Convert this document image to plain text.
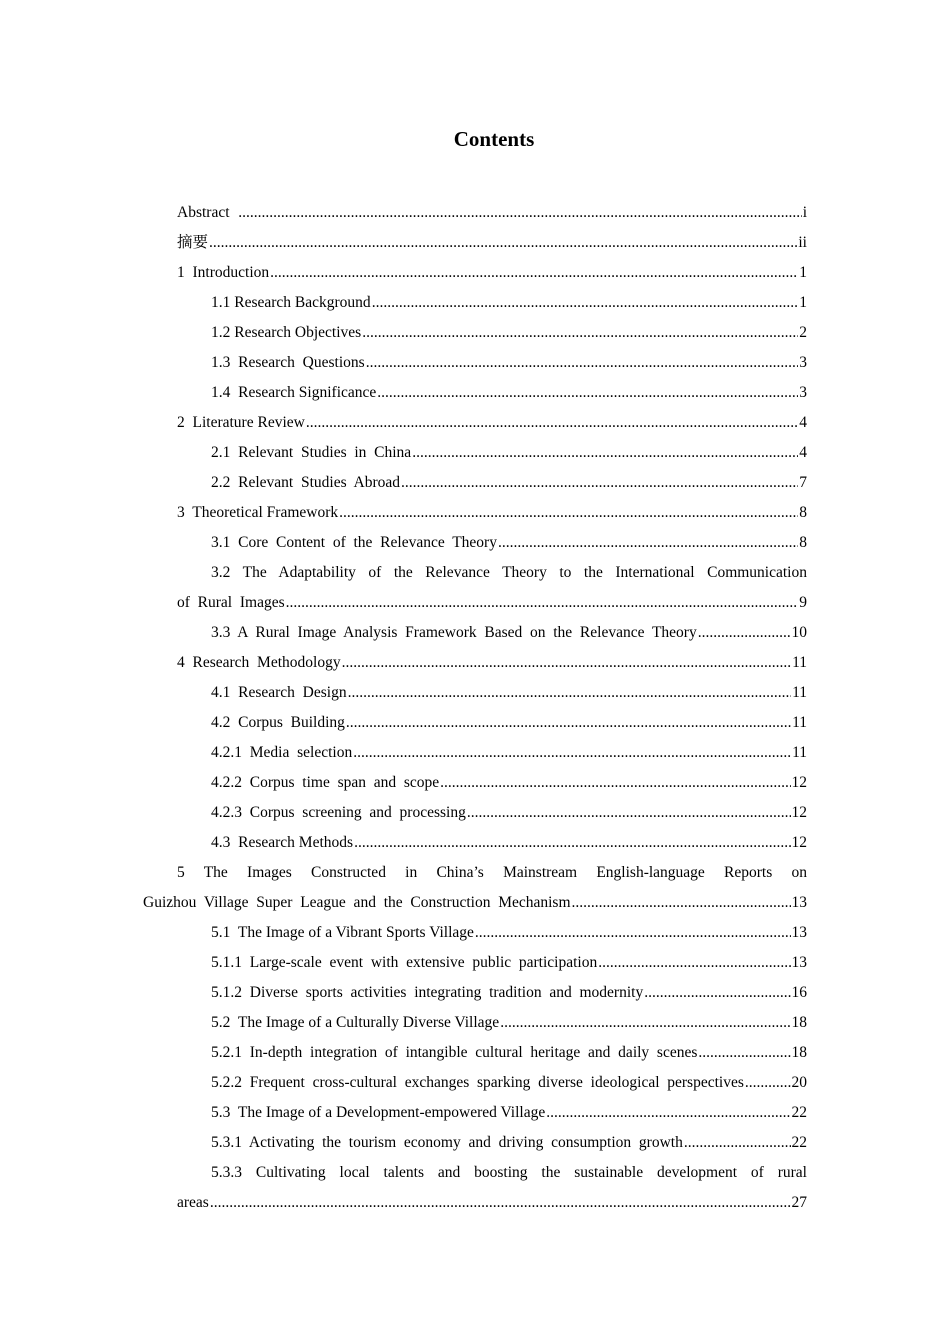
Contents
Abstract .....	i
摘要 .....	ii
1  Introduction .....	1
1.1 Research Background .....	1
1.2 Research Objectives .....	2
1.3  Research  Questions .....	3
1.4  Research Significance .....	3
2  Literature Review .....	4
2.1  Relevant  Studies  in  China .....	4
2.2  Relevant  Studies  Abroad .....	7
3  Theoretical Framework .....	8
3.1  Core  Content  of  the  Relevance  Theory .....	8
3.2 The Adaptability of the Relevance Theory to the International Communication
of  Rural  Images .....	9
3.3  A  Rural  Image  Analysis  Framework  Based  on  the  Relevance  Theory .....	10
4  Research  Methodology .....	11
4.1  Research  Design .....	11
4.2  Corpus  Building .....	11
4.2.1  Media  selection .....	11
4.2.2  Corpus  time  span  and  scope .....	12
4.2.3  Corpus  screening  and  processing .....	12
4.3  Research Methods .....	12
5 The Images Constructed in China’s Mainstream English-language Reports on
Guizhou  Village  Super  League  and  the  Construction  Mechanism .....	13
5.1  The Image of a Vibrant Sports Village .....	13
5.1.1  Large-scale  event  with  extensive  public  participation .....	13
5.1.2  Diverse  sports  activities  integrating  tradition  and  modernity .....	16
5.2  The Image of a Culturally Diverse Village .....	18
5.2.1  In-depth  integration  of  intangible  cultural  heritage  and  daily  scenes .....	18
5.2.2  Frequent  cross-cultural  exchanges  sparking  diverse  ideological  perspectives .....	20
5.3  The Image of a Development-empowered Village .....	22
5.3.1  Activating  the  tourism  economy  and  driving  consumption  growth .....	22
5.3.3 Cultivating local talents and boosting the sustainable development of rural
areas .....	27
